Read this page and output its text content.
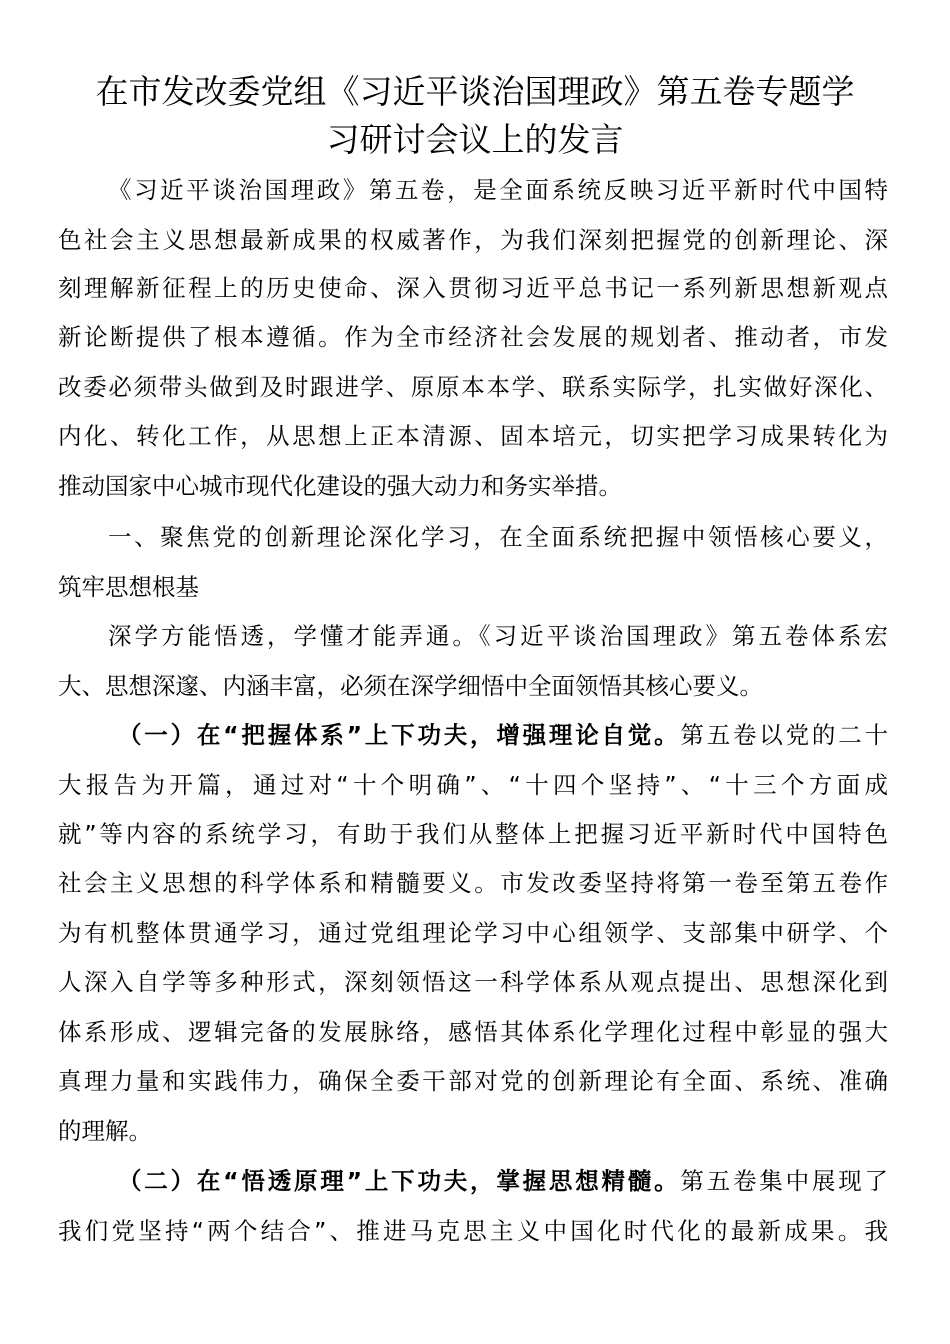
在市发改委党组《习近平谈治国理政》第五卷专题学
习研讨会议上的发言
《习近平谈治国理政》第五卷，是全面系统反映习近平新时代中国特
色社会主义思想最新成果的权威著作，为我们深刻把握党的创新理论、深
刻理解新征程上的历史使命、深入贯彻习近平总书记一系列新思想新观点
新论断提供了根本遵循。作为全市经济社会发展的规划者、推动者，市发
改委必须带头做到及时跟进学、原原本本学、联系实际学，扎实做好深化、
内化、转化工作，从思想上正本清源、固本培元，切实把学习成果转化为
推动国家中心城市现代化建设的强大动力和务实举措。
一、聚焦党的创新理论深化学习，在全面系统把握中领悟核心要义，
筑牢思想根基
深学方能悟透，学懂才能弄通。《习近平谈治国理政》第五卷体系宏
大、思想深邃、内涵丰富，必须在深学细悟中全面领悟其核心要义。
（一）在“把握体系”上下功夫，增强理论自觉。第五卷以党的二十
大报告为开篇，通过对“十个明确”、“十四个坚持”、“十三个方面成
就”等内容的系统学习，有助于我们从整体上把握习近平新时代中国特色
社会主义思想的科学体系和精髓要义。市发改委坚持将第一卷至第五卷作
为有机整体贯通学习，通过党组理论学习中心组领学、支部集中研学、个
人深入自学等多种形式，深刻领悟这一科学体系从观点提出、思想深化到
体系形成、逻辑完备的发展脉络，感悟其体系化学理化过程中彰显的强大
真理力量和实践伟力，确保全委干部对党的创新理论有全面、系统、准确
的理解。
（二）在“悟透原理”上下功夫，掌握思想精髓。第五卷集中展现了
我们党坚持“两个结合”、推进马克思主义中国化时代化的最新成果。我
